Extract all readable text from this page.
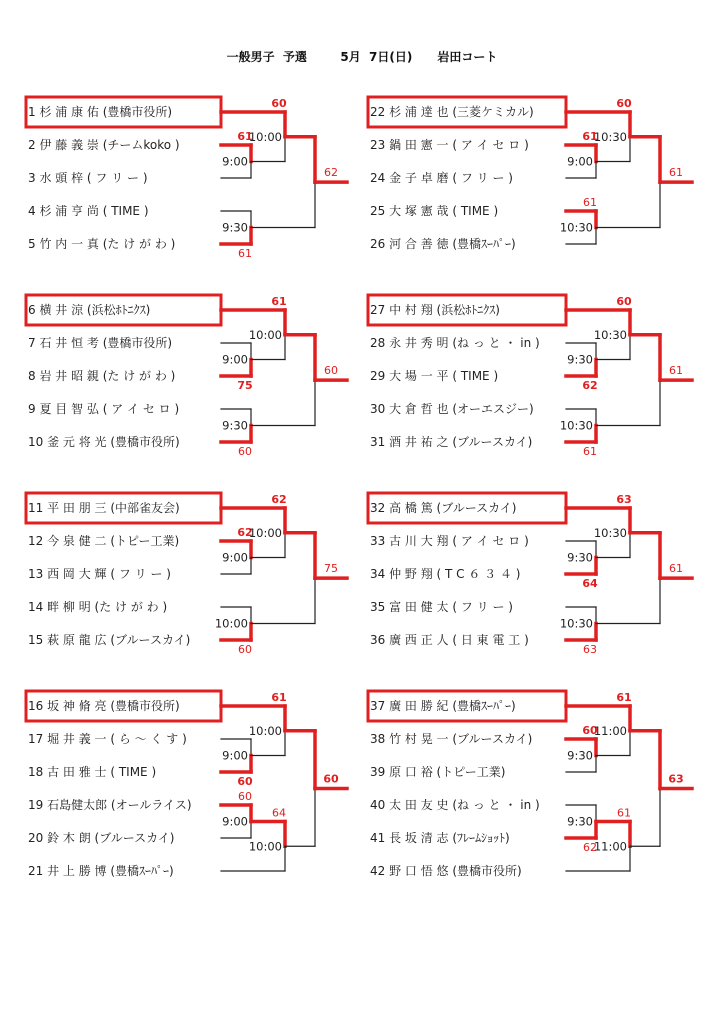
一般男子  予選        5月  7日(日)      岩田コート
1 杉 浦 康 佑 (豊橋市役所)
2 伊 藤 義 崇 (チームkoko )
3 水 頭 梓 ( フ リ ー )
4 杉 浦 亨 尚 ( TIME )
5 竹 内 一 真 (た け が わ )
9:00
61
9:30
61
10:00
60
62
6 横 井 涼 (浜松ﾎﾄﾆｸｽ)
7 石 井 恒 考 (豊橋市役所)
8 岩 井 昭 親 (た け が わ )
9 夏 目 智 弘 ( ア イ セ ロ )
10 釜 元 将 光 (豊橋市役所)
9:00
75
9:30
60
10:00
61
60
11 平 田 朋 三 (中部雀友会)
12 今 泉 健 二 (トピー工業)
13 西 岡 大 輝 ( フ リ ー )
14 畔 柳 明 (た け が わ )
15 萩 原 龍 広 (ブルースカイ)
9:00
62
10:00
60
10:00
62
75
16 坂 神 脩 亮 (豊橋市役所)
17 堀 井 義 一 ( ら ～ く す )
18 古 田 雅 士 ( TIME )
19 石島健太郎 (オールライス)
20 鈴 木 朗 (ブルースカイ)
21 井 上 勝 博 (豊橋ｽｰﾊﾟｰ)
9:00
60
9:00
60
10:00
61
10:00
64
60
22 杉 浦 達 也 (三菱ケミカル)
23 鍋 田 憲 一 ( ア イ セ ロ )
24 金 子 卓 磨 ( フ リ ー )
25 大 塚 憲 哉 ( TIME )
26 河 合 善 徳 (豊橋ｽｰﾊﾟｰ)
9:00
61
10:30
61
10:30
60
61
27 中 村 翔 (浜松ﾎﾄﾆｸｽ)
28 永 井 秀 明 (ね っ と ・ in )
29 大 場 一 平 ( TIME )
30 大 倉 哲 也 (オーエスジー)
31 酒 井 祐 之 (ブルースカイ)
9:30
62
10:30
61
10:30
60
61
32 高 橋 篤 (ブルースカイ)
33 古 川 大 翔 ( ア イ セ ロ )
34 仲 野 翔 ( T C ６ ３ ４ )
35 富 田 健 太 ( フ リ ー )
36 廣 西 正 人 ( 日 東 電 工 )
9:30
64
10:30
63
10:30
63
61
37 廣 田 勝 紀 (豊橋ｽｰﾊﾟｰ)
38 竹 村 晃 一 (ブルースカイ)
39 原 口 裕 (トピー工業)
40 太 田 友 史 (ね っ と ・ in )
41 長 坂 清 志 (ﾌﾚｰﾑｼｮｯﾄ)
42 野 口 悟 悠 (豊橋市役所)
9:30
60
9:30
62
11:00
61
11:00
61
63
